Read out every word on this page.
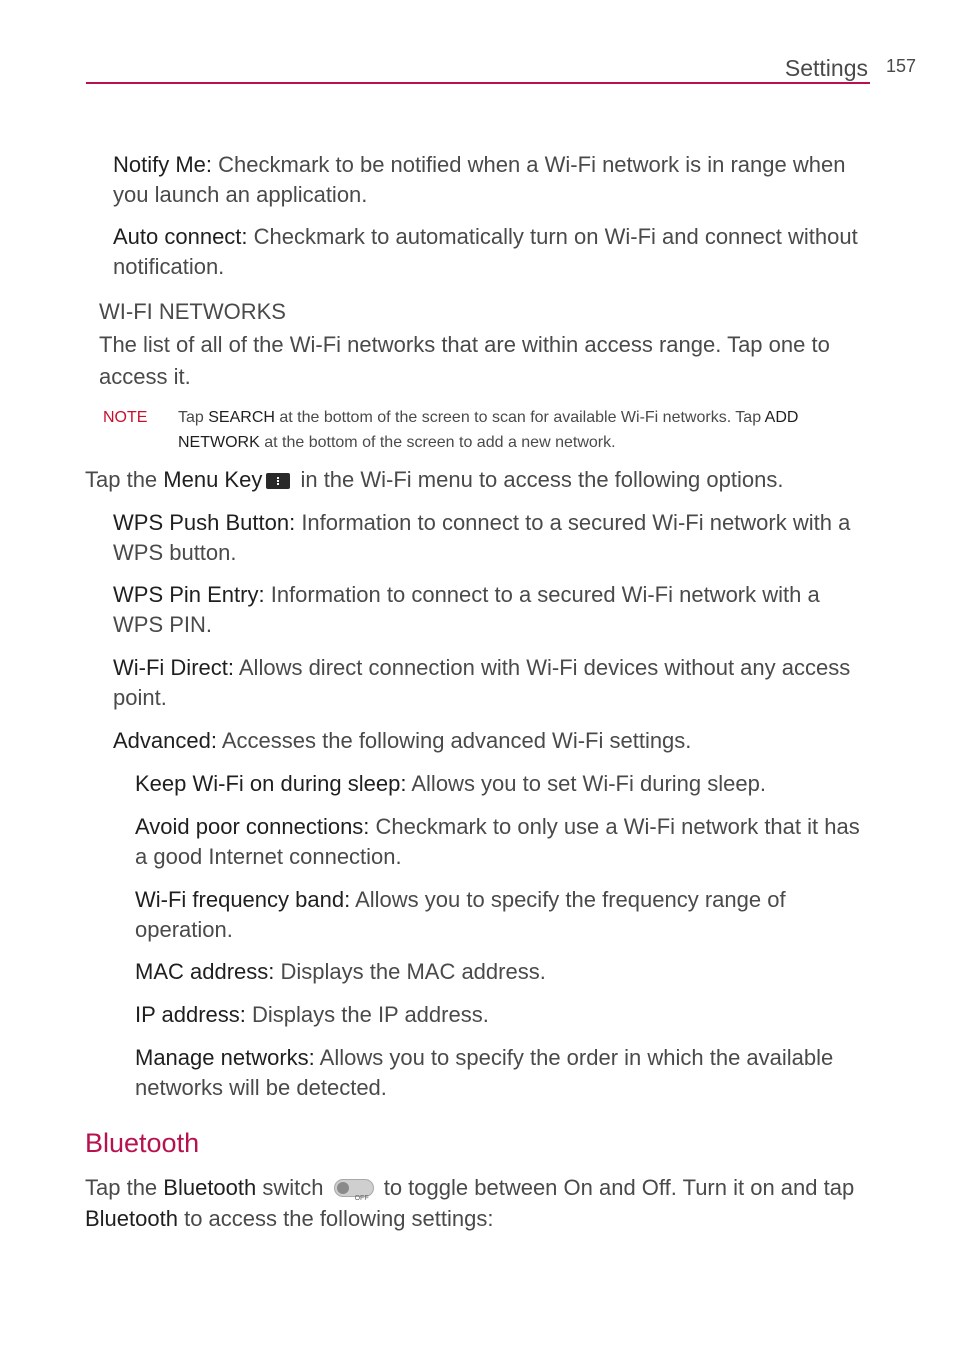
Settings 157

Notify Me: Checkmark to be notified when a Wi-Fi network is in range when you launch an application.

Auto connect: Checkmark to automatically turn on Wi-Fi and connect without notification.

WI-FI NETWORKS

The list of all of the Wi-Fi networks that are within access range. Tap one to access it.

NOTE Tap SEARCH at the bottom of the screen to scan for available Wi-Fi networks. Tap ADD NETWORK at the bottom of the screen to add a new network.

Tap the Menu Key
in the Wi-Fi menu to access the following options.

WPS Push Button: Information to connect to a secured Wi-Fi network with a WPS button.

WPS Pin Entry: Information to connect to a secured Wi-Fi network with a WPS PIN.

Wi-Fi Direct: Allows direct connection with Wi-Fi devices without any access point.

Advanced: Accesses the following advanced Wi-Fi settings.

Keep Wi-Fi on during sleep: Allows you to set Wi-Fi during sleep.

Avoid poor connections: Checkmark to only use a Wi-Fi network that it has a good Internet connection.

Wi-Fi frequency band: Allows you to specify the frequency range of operation.

MAC address: Displays the MAC address.

IP address: Displays the IP address.

Manage networks: Allows you to specify the order in which the available networks will be detected.

Bluetooth

Tap the Bluetooth switch	OFF to toggle between On and Off. Turn it on and tap Bluetooth to access the following settings:
